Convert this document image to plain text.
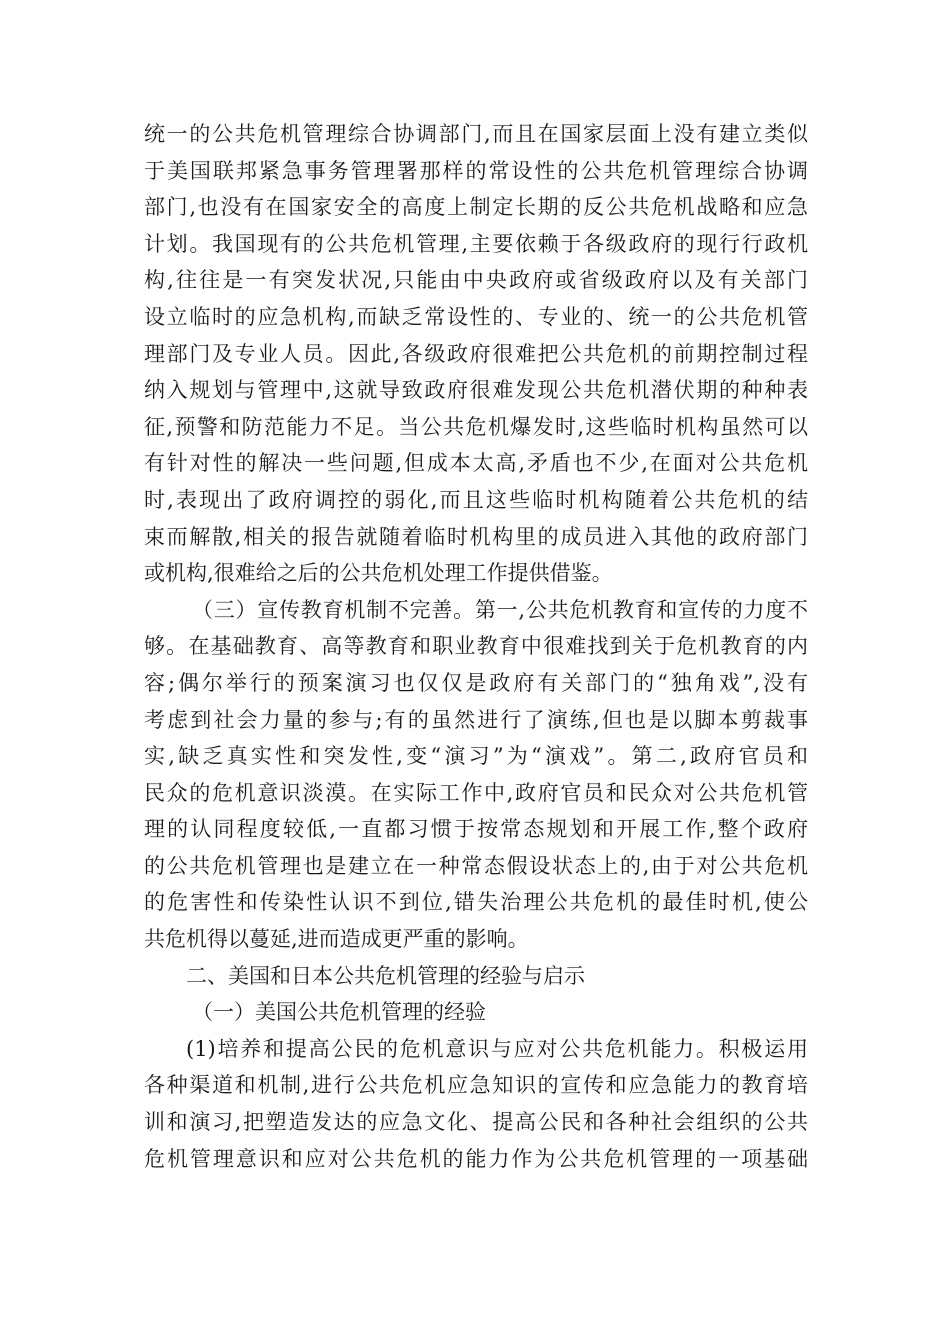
统一的公共危机管理综合协调部门,而且在国家层面上没有建立类似
于美国联邦紧急事务管理署那样的常设性的公共危机管理综合协调
部门,也没有在国家安全的高度上制定长期的反公共危机战略和应急
计划。我国现有的公共危机管理,主要依赖于各级政府的现行行政机
构,往往是一有突发状况,只能由中央政府或省级政府以及有关部门
设立临时的应急机构,而缺乏常设性的、专业的、统一的公共危机管
理部门及专业人员。因此,各级政府很难把公共危机的前期控制过程
纳入规划与管理中,这就导致政府很难发现公共危机潜伏期的种种表
征,预警和防范能力不足。当公共危机爆发时,这些临时机构虽然可以
有针对性的解决一些问题,但成本太高,矛盾也不少,在面对公共危机
时,表现出了政府调控的弱化,而且这些临时机构随着公共危机的结
束而解散,相关的报告就随着临时机构里的成员进入其他的政府部门
或机构,很难给之后的公共危机处理工作提供借鉴。
（三）宣传教育机制不完善。第一,公共危机教育和宣传的力度不
够。在基础教育、高等教育和职业教育中很难找到关于危机教育的内
容;偶尔举行的预案演习也仅仅是政府有关部门的“独角戏”,没有
考虑到社会力量的参与;有的虽然进行了演练,但也是以脚本剪裁事
实,缺乏真实性和突发性,变“演习”为“演戏”。第二,政府官员和
民众的危机意识淡漠。在实际工作中,政府官员和民众对公共危机管
理的认同程度较低,一直都习惯于按常态规划和开展工作,整个政府
的公共危机管理也是建立在一种常态假设状态上的,由于对公共危机
的危害性和传染性认识不到位,错失治理公共危机的最佳时机,使公
共危机得以蔓延,进而造成更严重的影响。
二、美国和日本公共危机管理的经验与启示
（一）美国公共危机管理的经验
(1)培养和提高公民的危机意识与应对公共危机能力。积极运用
各种渠道和机制,进行公共危机应急知识的宣传和应急能力的教育培
训和演习,把塑造发达的应急文化、提高公民和各种社会组织的公共
危机管理意识和应对公共危机的能力作为公共危机管理的一项基础
